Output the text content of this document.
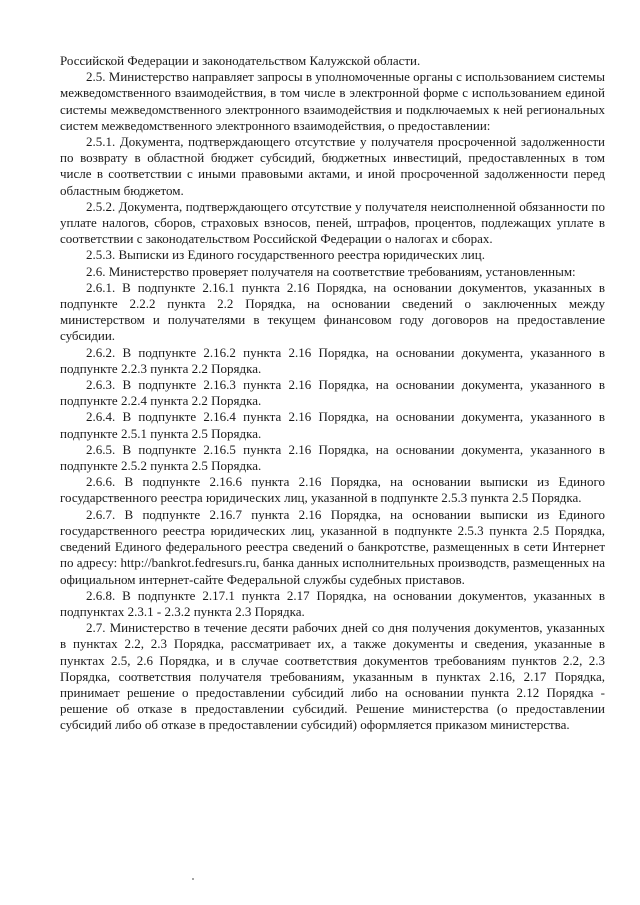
Российской Федерации и законодательством Калужской области.

2.5. Министерство направляет запросы в уполномоченные органы с использованием системы межведомственного взаимодействия, в том числе в электронной форме с использованием единой системы межведомственного электронного взаимодействия и подключаемых к ней региональных систем межведомственного электронного взаимодействия, о предоставлении:

2.5.1. Документа, подтверждающего отсутствие у получателя просроченной задолженности по возврату в областной бюджет субсидий, бюджетных инвестиций, предоставленных в том числе в соответствии с иными правовыми актами, и иной просроченной задолженности перед областным бюджетом.

2.5.2. Документа, подтверждающего отсутствие у получателя неисполненной обязанности по уплате налогов, сборов, страховых взносов, пеней, штрафов, процентов, подлежащих уплате в соответствии с законодательством Российской Федерации о налогах и сборах.

2.5.3. Выписки из Единого государственного реестра юридических лиц.

2.6. Министерство проверяет получателя на соответствие требованиям, установленным:

2.6.1. В подпункте 2.16.1 пункта 2.16 Порядка, на основании документов, указанных в подпункте 2.2.2 пункта 2.2 Порядка, на основании сведений о заключенных между министерством и получателями в текущем финансовом году договоров на предоставление субсидии.

2.6.2. В подпункте 2.16.2 пункта 2.16 Порядка, на основании документа, указанного в подпункте 2.2.3 пункта 2.2 Порядка.

2.6.3. В подпункте 2.16.3 пункта 2.16 Порядка, на основании документа, указанного в подпункте 2.2.4 пункта 2.2 Порядка.

2.6.4. В подпункте 2.16.4 пункта 2.16 Порядка, на основании документа, указанного в подпункте 2.5.1 пункта 2.5 Порядка.

2.6.5. В подпункте 2.16.5 пункта 2.16 Порядка, на основании документа, указанного в подпункте 2.5.2 пункта 2.5 Порядка.

2.6.6. В подпункте 2.16.6 пункта 2.16 Порядка, на основании выписки из Единого государственного реестра юридических лиц, указанной в подпункте 2.5.3 пункта 2.5 Порядка.

2.6.7. В подпункте 2.16.7 пункта 2.16 Порядка, на основании выписки из Единого государственного реестра юридических лиц, указанной в подпункте 2.5.3 пункта 2.5 Порядка, сведений Единого федерального реестра сведений о банкротстве, размещенных в сети Интернет по адресу: http://bankrot.fedresurs.ru, банка данных исполнительных производств, размещенных на официальном интернет-сайте Федеральной службы судебных приставов.

2.6.8. В подпункте 2.17.1 пункта 2.17 Порядка, на основании документов, указанных в подпунктах 2.3.1 - 2.3.2 пункта 2.3 Порядка.

2.7. Министерство в течение десяти рабочих дней со дня получения документов, указанных в пунктах 2.2, 2.3 Порядка, рассматривает их, а также документы и сведения, указанные в пунктах 2.5, 2.6 Порядка, и в случае соответствия документов требованиям пунктов 2.2, 2.3 Порядка, соответствия получателя требованиям, указанным в пунктах 2.16, 2.17 Порядка, принимает решение о предоставлении субсидий либо на основании пункта 2.12 Порядка - решение об отказе в предоставлении субсидий. Решение министерства (о предоставлении субсидий либо об отказе в предоставлении субсидий) оформляется приказом министерства.
